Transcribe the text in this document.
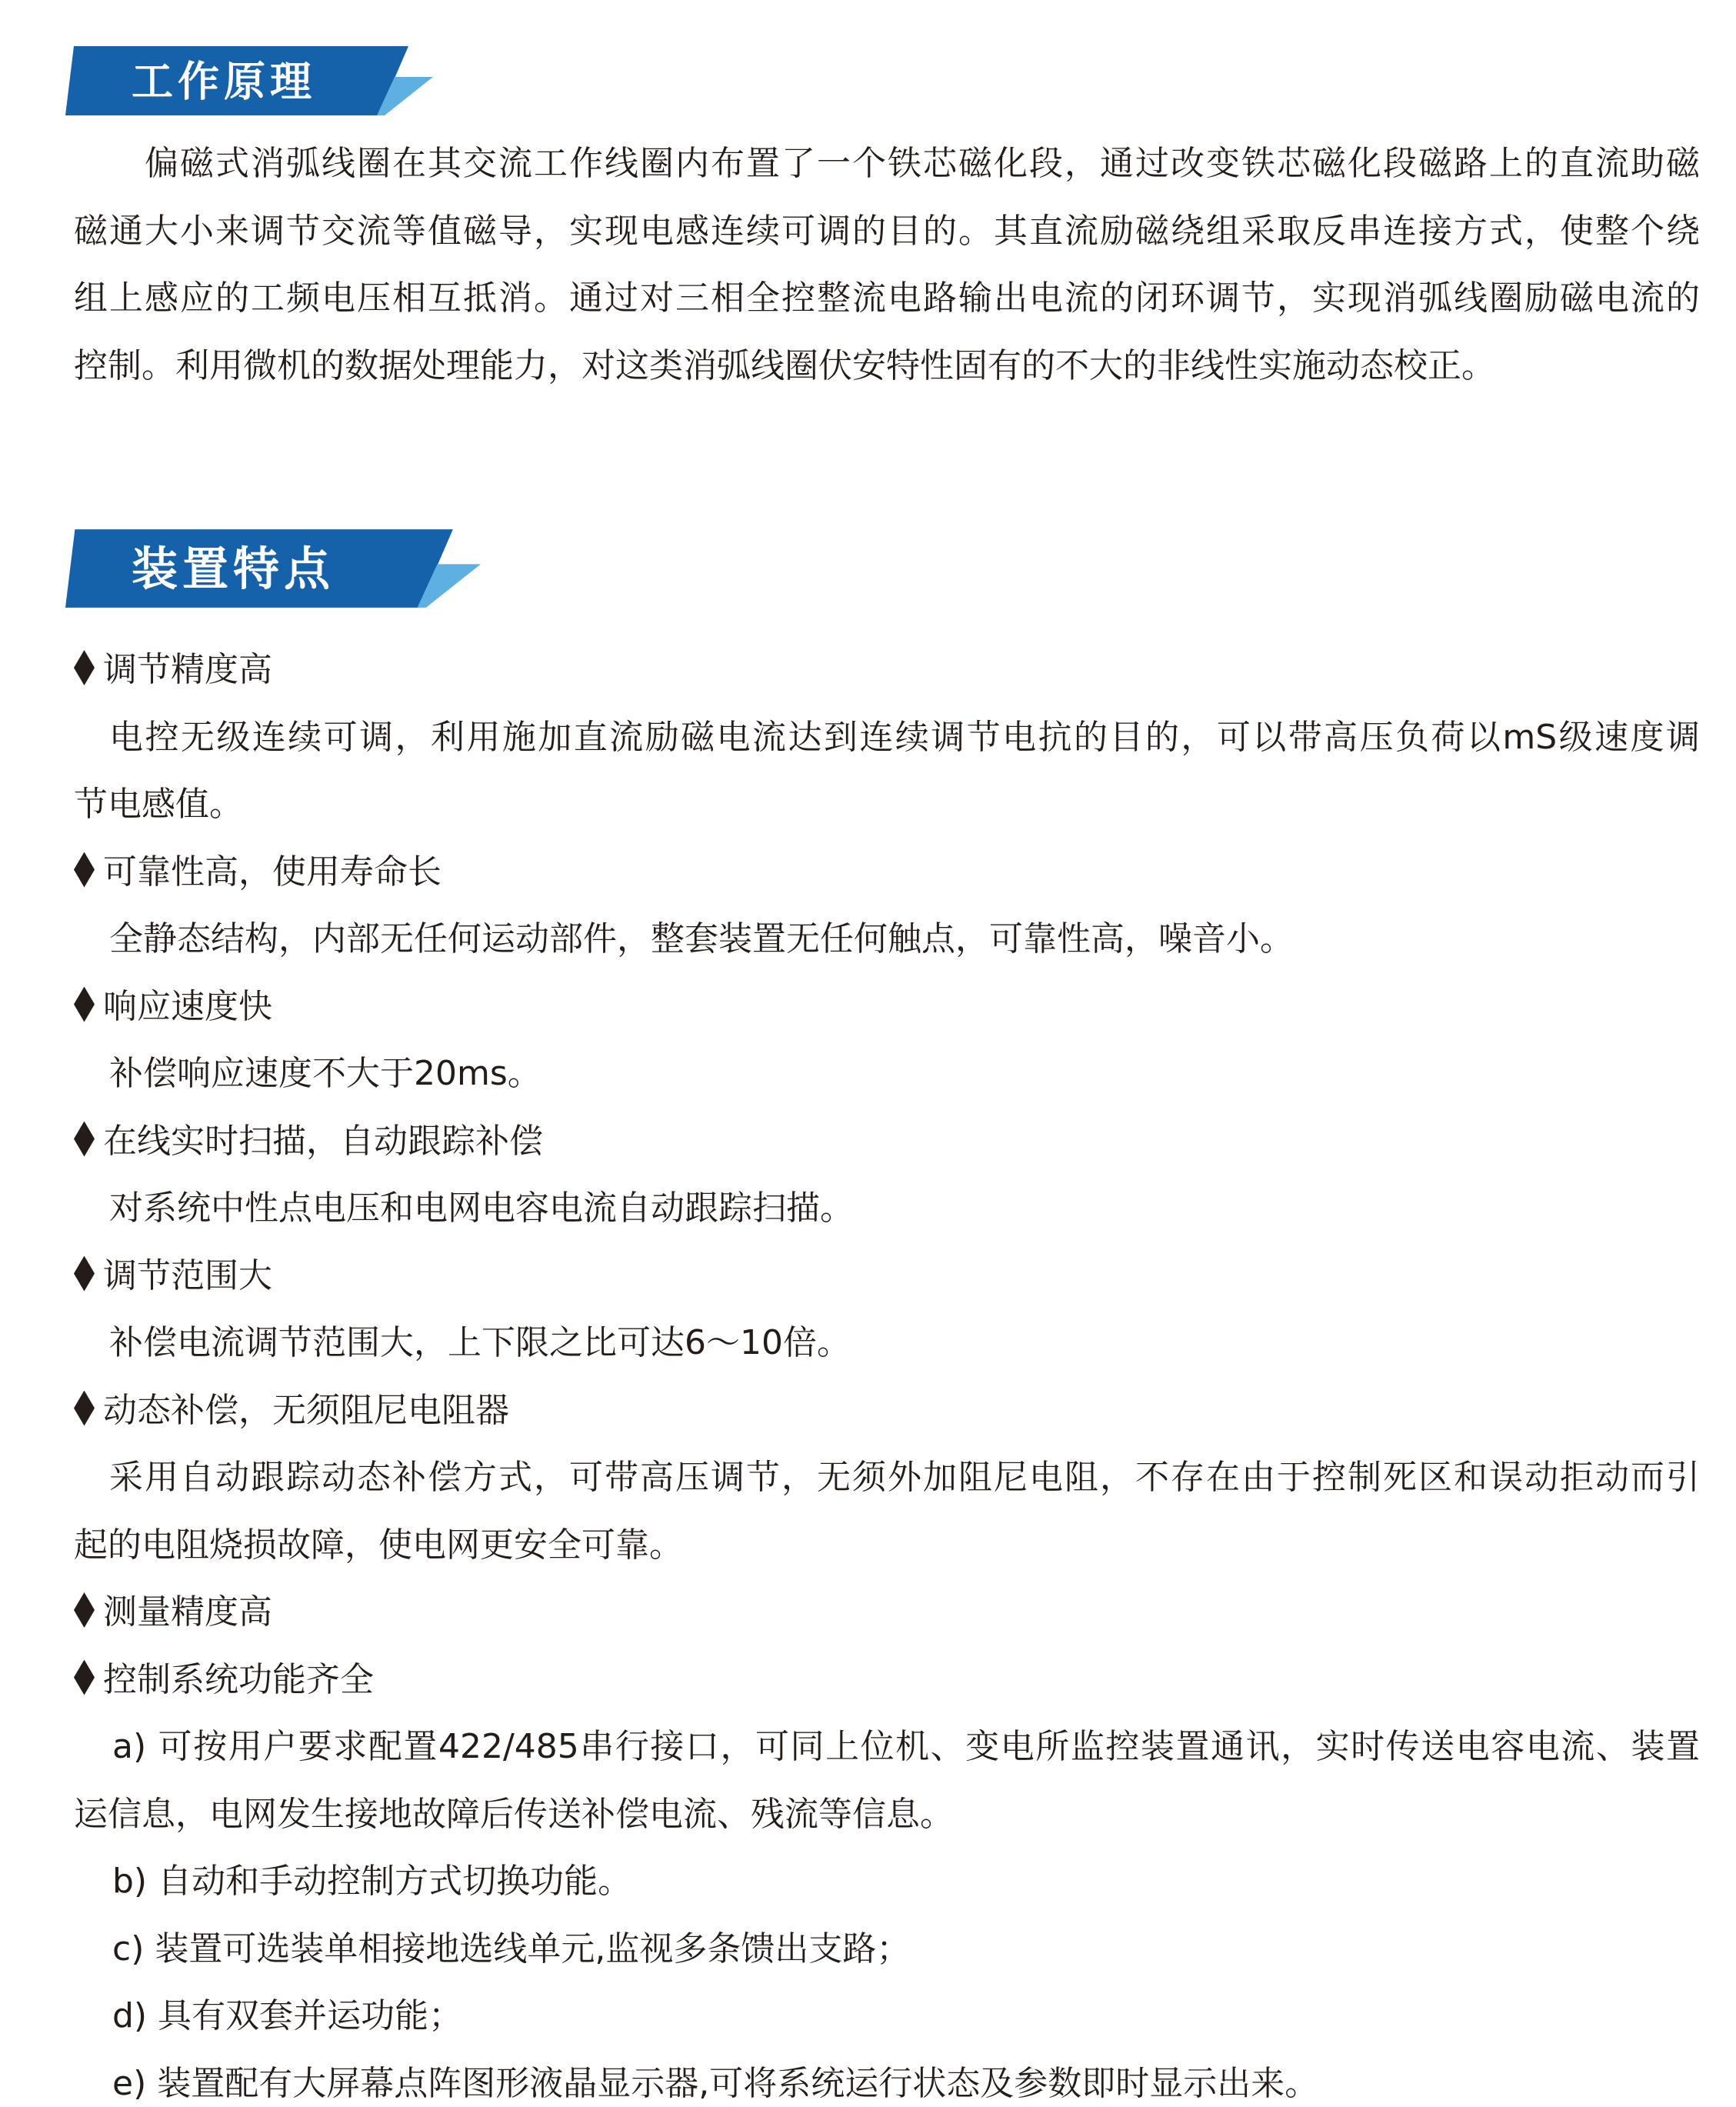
工作原理
偏磁式消弧线圈在其交流工作线圈内布置了一个铁芯磁化段，通过改变铁芯磁化段磁路上的直流助磁
磁通大小来调节交流等值磁导，实现电感连续可调的目的。其直流励磁绕组采取反串连接方式，使整个绕
组上感应的工频电压相互抵消。通过对三相全控整流电路输出电流的闭环调节，实现消弧线圈励磁电流的
控制。利用微机的数据处理能力，对这类消弧线圈伏安特性固有的不大的非线性实施动态校正。
装置特点
调节精度高
电控无级连续可调，利用施加直流励磁电流达到连续调节电抗的目的，可以带高压负荷以mS级速度调
节电感值。
可靠性高，使用寿命长
全静态结构，内部无任何运动部件，整套装置无任何触点，可靠性高，噪音小。
响应速度快
补偿响应速度不大于20ms。
在线实时扫描，自动跟踪补偿
对系统中性点电压和电网电容电流自动跟踪扫描。
调节范围大
补偿电流调节范围大，上下限之比可达6～10倍。
动态补偿，无须阻尼电阻器
采用自动跟踪动态补偿方式，可带高压调节，无须外加阻尼电阻，不存在由于控制死区和误动拒动而引
起的电阻烧损故障，使电网更安全可靠。
测量精度高
控制系统功能齐全
a) 可按用户要求配置422/485串行接口，可同上位机、变电所监控装置通讯，实时传送电容电流、装置
运信息，电网发生接地故障后传送补偿电流、残流等信息。
b) 自动和手动控制方式切换功能。
c) 装置可选装单相接地选线单元,监视多条馈出支路；
d) 具有双套并运功能；
e) 装置配有大屏幕点阵图形液晶显示器,可将系统运行状态及参数即时显示出来。
